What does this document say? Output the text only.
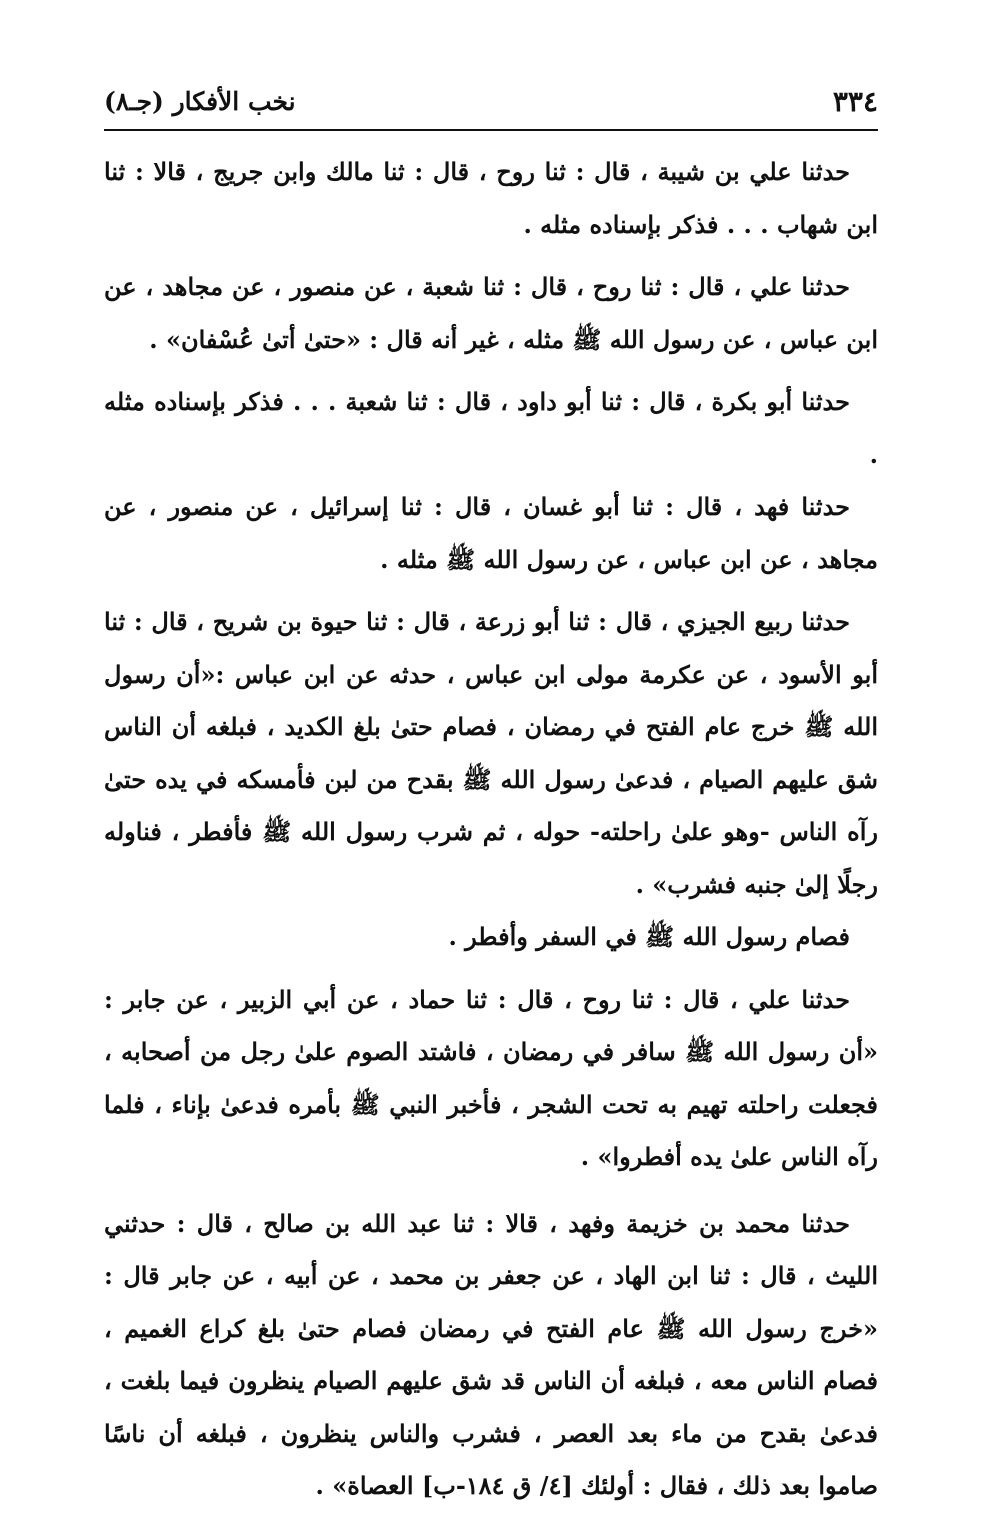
٣٣٤
نخب الأفكار (جـ٨)

حدثنا علي بن شيبة ، قال : ثنا روح ، قال : ثنا مالك وابن جريج ، قالا : ثنا ابن شهاب . . . فذكر بإسناده مثله .

حدثنا علي ، قال : ثنا روح ، قال : ثنا شعبة ، عن منصور ، عن مجاهد ، عن ابن عباس ، عن رسول الله ﷺ مثله ، غير أنه قال : «حتىٰ أتىٰ عُسْفان» .

حدثنا أبو بكرة ، قال : ثنا أبو داود ، قال : ثنا شعبة . . . فذكر بإسناده مثله .

حدثنا فهد ، قال : ثنا أبو غسان ، قال : ثنا إسرائيل ، عن منصور ، عن مجاهد ، عن ابن عباس ، عن رسول الله ﷺ مثله .

حدثنا ربيع الجيزي ، قال : ثنا أبو زرعة ، قال : ثنا حيوة بن شريح ، قال : ثنا أبو الأسود ، عن عكرمة مولى ابن عباس ، حدثه عن ابن عباس :«أن رسول الله ﷺ خرج عام الفتح في رمضان ، فصام حتىٰ بلغ الكديد ، فبلغه أن الناس شق عليهم الصيام ، فدعىٰ رسول الله ﷺ بقدح من لبن فأمسكه في يده حتىٰ رآه الناس -وهو علىٰ راحلته- حوله ، ثم شرب رسول الله ﷺ فأفطر ، فناوله رجلًا إلىٰ جنبه فشرب» .

فصام رسول الله ﷺ في السفر وأفطر .

حدثنا علي ، قال : ثنا روح ، قال : ثنا حماد ، عن أبي الزبير ، عن جابر : «أن رسول الله ﷺ سافر في رمضان ، فاشتد الصوم علىٰ رجل من أصحابه ، فجعلت راحلته تهيم به تحت الشجر ، فأخبر النبي ﷺ بأمره فدعىٰ بإناء ، فلما رآه الناس علىٰ يده أفطروا» .

حدثنا محمد بن خزيمة وفهد ، قالا : ثنا عبد الله بن صالح ، قال : حدثني الليث ، قال : ثنا ابن الهاد ، عن جعفر بن محمد ، عن أبيه ، عن جابر قال : «خرج رسول الله ﷺ عام الفتح في رمضان فصام حتىٰ بلغ كراع الغميم ، فصام الناس معه ، فبلغه أن الناس قد شق عليهم الصيام ينظرون فيما بلغت ، فدعىٰ بقدح من ماء بعد العصر ، فشرب والناس ينظرون ، فبلغه أن ناسًا صاموا بعد ذلك ، فقال : أولئك [٤/ ق ١٨٤-ب] العصاة» .
